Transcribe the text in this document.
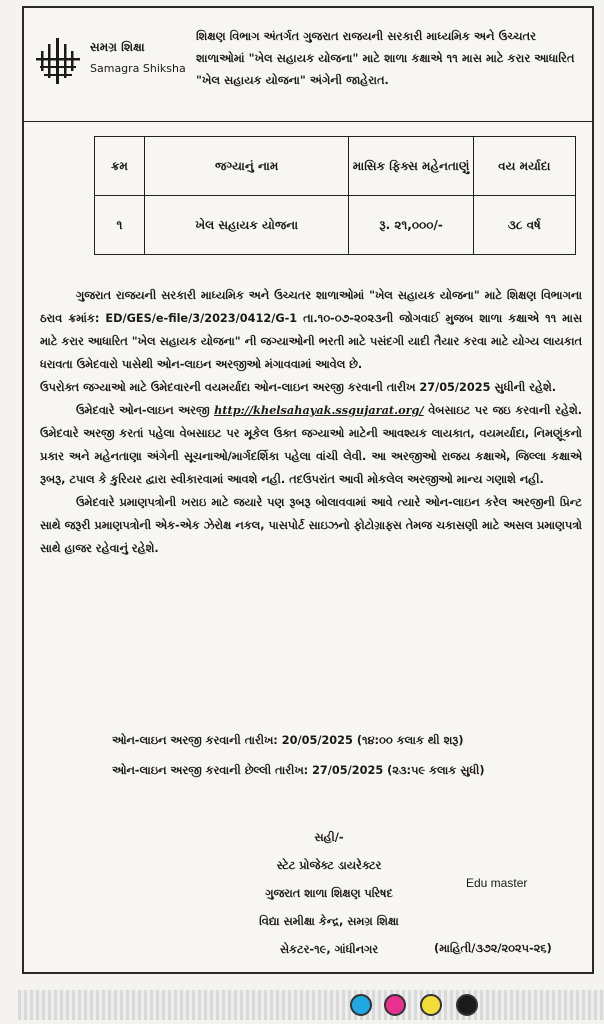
સમગ્ર શિક્ષા
Samagra Shiksha
શિક્ષણ વિભાગ અંતર્ગત ગુજરાત રાજયની સરકારી માધ્યમિક અને ઉચ્ચતર શાળાઓમાં "ખેલ સહાયક યોજના" માટે શાળા કક્ષાએ ૧૧ માસ માટે કરાર આધારિત "ખેલ સહાયક યોજના" અંગેની જાહેરાત.
ક્રમ	જગ્યાનું નામ	માસિક ફિક્સ મહેનતાણું	વય મર્યાદા
૧	ખેલ સહાયક યોજના	રૂ. ૨૧,૦૦૦/-	૩૮ વર્ષ

ગુજરાત રાજયની સરકારી માધ્યમિક અને ઉચ્ચતર શાળાઓમાં "ખેલ સહાયક યોજના" માટે શિક્ષણ વિભાગના ઠરાવ ક્રમાંક: ED/GES/e-file/3/2023/0412/G-1 તા.૧૦-૦૭-૨૦૨૩ની જોગવાઈ મુજબ શાળા કક્ષાએ ૧૧ માસ માટે કરાર આધારિત "ખેલ સહાયક યોજના" ની જગ્યાઓની ભરતી માટે પસંદગી યાદી તૈયાર કરવા માટે યોગ્ય લાયકાત ધરાવતા ઉમેદવારો પાસેથી ઓન-લાઇન અરજીઓ મંગાવવામાં આવેલ છે.

ઉપરોક્ત જગ્યાઓ માટે ઉમેદવારની વયમર્યાદા ઓન-લાઇન અરજી કરવાની તારીખ 27/05/2025 સુધીની રહેશે.

ઉમેદવારે ઓન-લાઇન અરજી http://khelsahayak.ssgujarat.org/ વેબસાઇટ પર જઇ કરવાની રહેશે. ઉમેદવારે અરજી કરતાં પહેલા વેબસાઇટ પર મૂકેલ ઉક્ત જગ્યાઓ માટેની આવશ્યક લાયકાત, વયમર્યાદા, નિમણૂંકનો પ્રકાર અને મહેનતાણા અંગેની સૂચનાઓ/માર્ગદર્શિકા પહેલા વાંચી લેવી. આ અરજીઓ રાજય કક્ષાએ, જિલ્લા કક્ષાએ રૂબરૂ, ટપાલ કે કુરિયર દ્વારા સ્વીકારવામાં આવશે નહી. તદઉપરાંત આવી મોકલેલ અરજીઓ માન્ય ગણાશે નહી.

ઉમેદવારે પ્રમાણપત્રોની ખરાઇ માટે જયારે પણ રૂબરૂ બોલાવવામાં આવે ત્યારે ઓન-લાઇન કરેલ અરજીની પ્રિન્ટ સાથે જરૂરી પ્રમાણપત્રોની એક-એક ઝેરોક્ષ નકલ, પાસપોર્ટ સાઇઝનો ફોટોગ્રાફ્સ તેમજ ચકાસણી માટે અસલ પ્રમાણપત્રો સાથે હાજર રહેવાનું રહેશે.

ઓન-લાઇન અરજી કરવાની તારીખ: 20/05/2025 (૧૪:૦૦ કલાક થી શરૂ)
ઓન-લાઇન અરજી કરવાની છેલ્લી તારીખ: 27/05/2025 (૨૩:૫૯ કલાક સુધી)
સહી/-
સ્ટેટ પ્રોજેક્ટ ડાયરેક્ટર
ગુજરાત શાળા શિક્ષણ પરિષદ
વિદ્યા સમીક્ષા કેન્દ્ર, સમગ્ર શિક્ષા
સેકટર-૧૯, ગાંધીનગર
Edu master
(માહિતી/૩૭૨/૨૦૨૫-૨૬)
